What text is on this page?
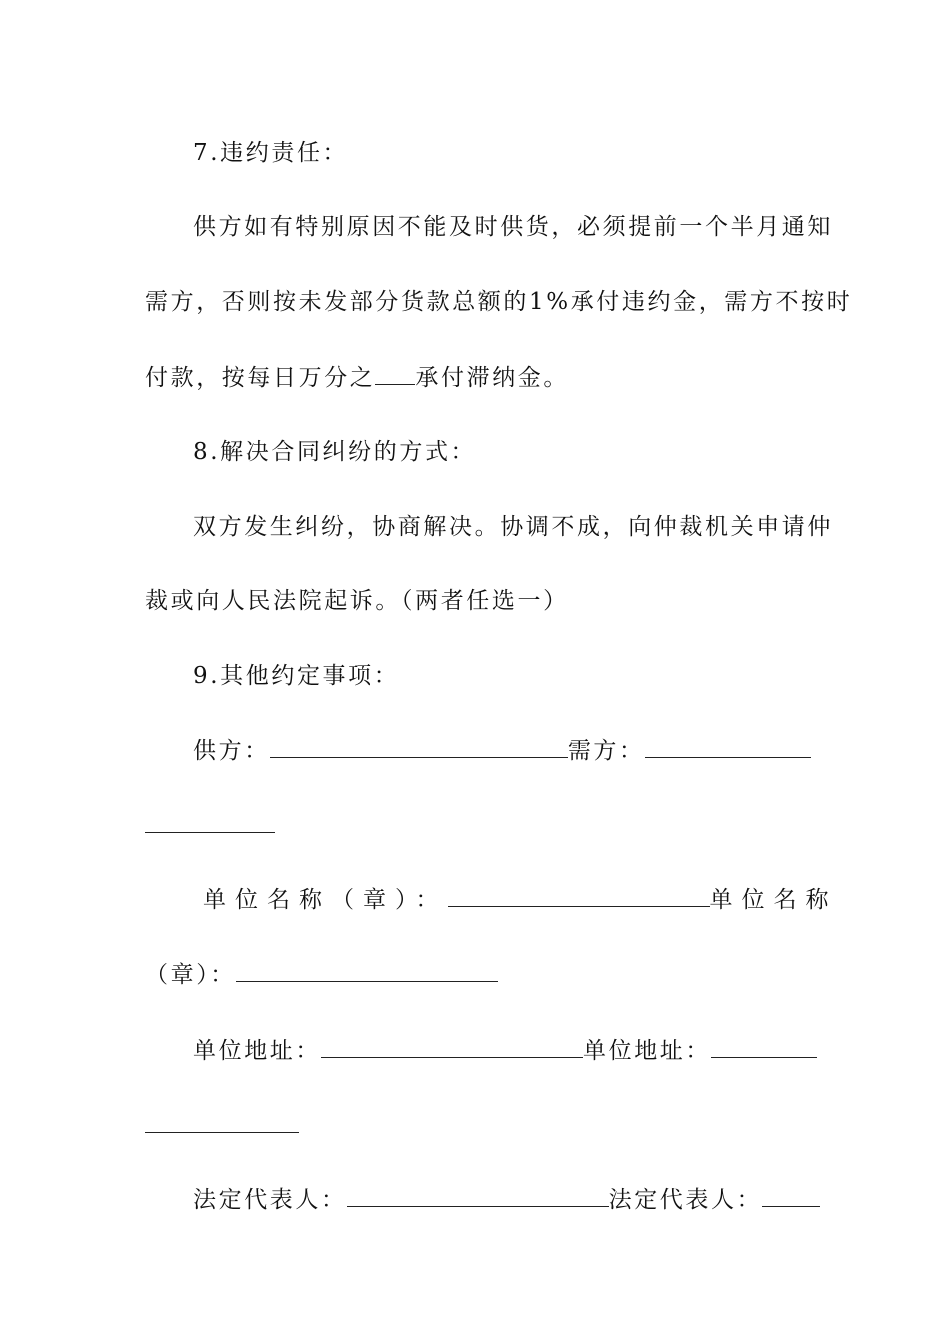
7.违约责任：
供方如有特别原因不能及时供货，必须提前一个半月通知
需方，否则按未发部分货款总额的1%承付违约金，需方不按时
付款，按每日万分之 承付滞纳金。
8.解决合同纠纷的方式：
双方发生纠纷，协商解决。协调不成，向仲裁机关申请仲
裁或向人民法院起诉。（两者任选一）
9.其他约定事项：
供方：	需方：
单位名称（章）：	单位名称
（章）：
单位地址：	单位地址：
法定代表人：	法定代表人：
